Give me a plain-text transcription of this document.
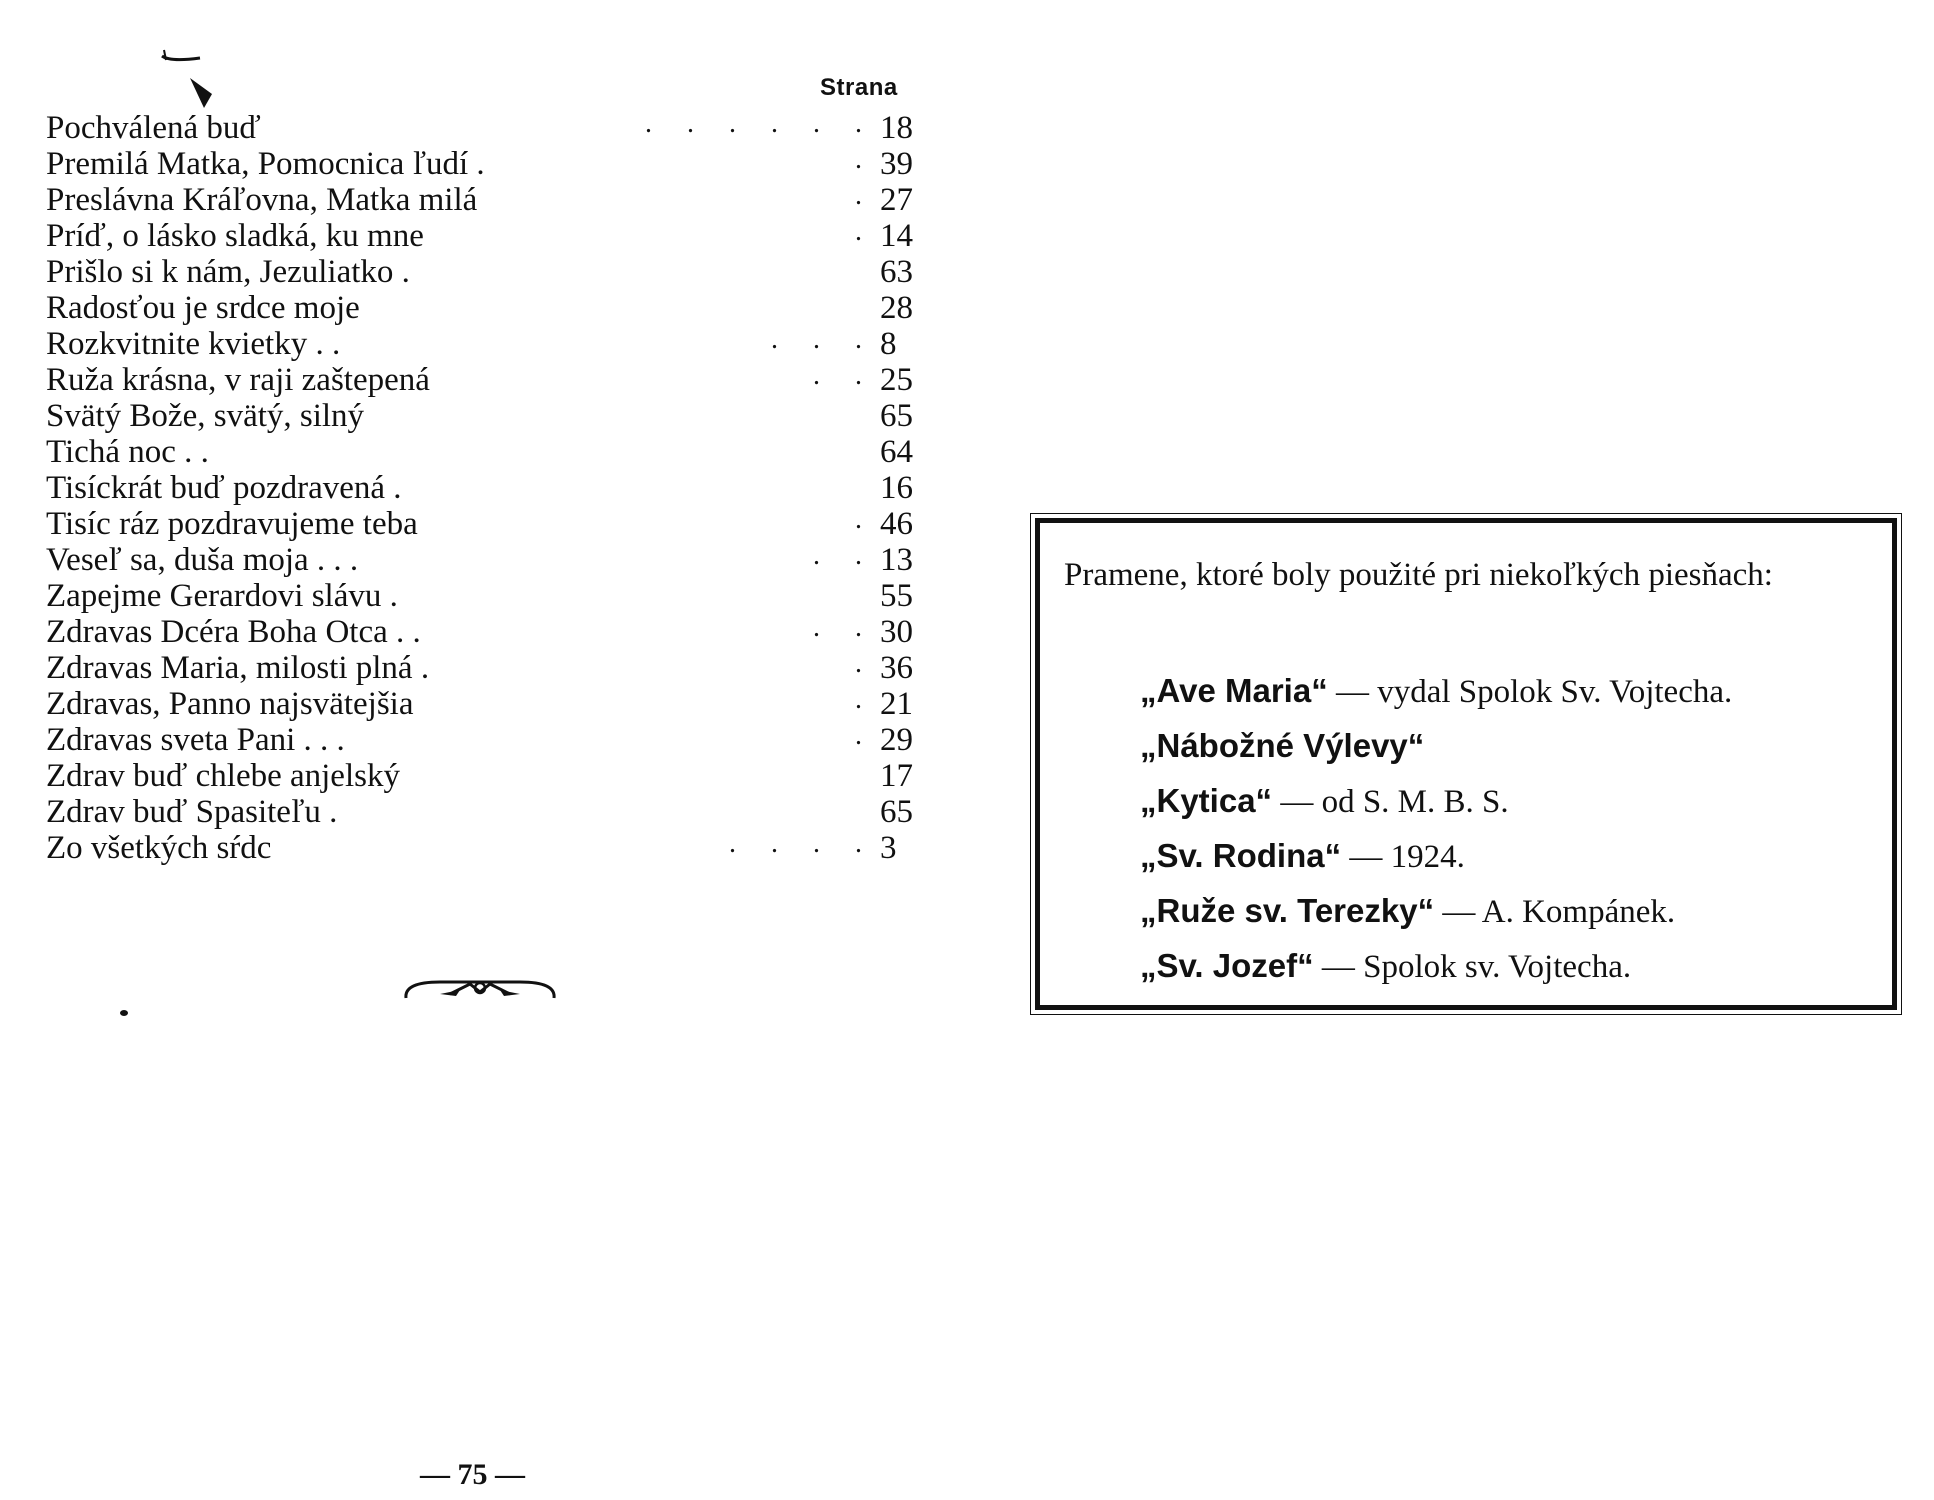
Strana
Pochválená buď	. . . . . . 18
Premilá Matka, Pomocnica ľudí .	. 39
Preslávna Kráľovna, Matka milá	. 27
Príď, o lásko sladká, ku mne	. 14
Prišlo si k nám, Jezuliatko .	63
Radosťou je srdce moje	28
Rozkvitnite kvietky . .	. . . 8
Ruža krásna, v raji zaštepená	. . 25
Svätý Bože, svätý, silný	65
Tichá noc . .	64
Tisíckrát buď pozdravená .	16
Tisíc ráz pozdravujeme teba	. 46
Veseľ sa, duša moja . . .	. . 13
Zapejme Gerardovi slávu .	55
Zdravas Dcéra Boha Otca . .	. . 30
Zdravas Maria, milosti plná .	. 36
Zdravas, Panno najsvätejšia	. 21
Zdravas sveta Pani . . .	. 29
Zdrav buď chlebe anjelský	17
Zdrav buď Spasiteľu .	65
Zo všetkých sŕdc	. . . . 3
— 75 —
Pramene, ktoré boly použité pri niekoľkých piesňach:
„Ave Maria“ — vydal Spolok Sv. Vojtecha.
„Nábožné Výlevy“
„Kytica“ — od S. M. B. S.
„Sv. Rodina“ — 1924.
„Ruže sv. Terezky“ — A. Kompánek.
„Sv. Jozef“ — Spolok sv. Vojtecha.
